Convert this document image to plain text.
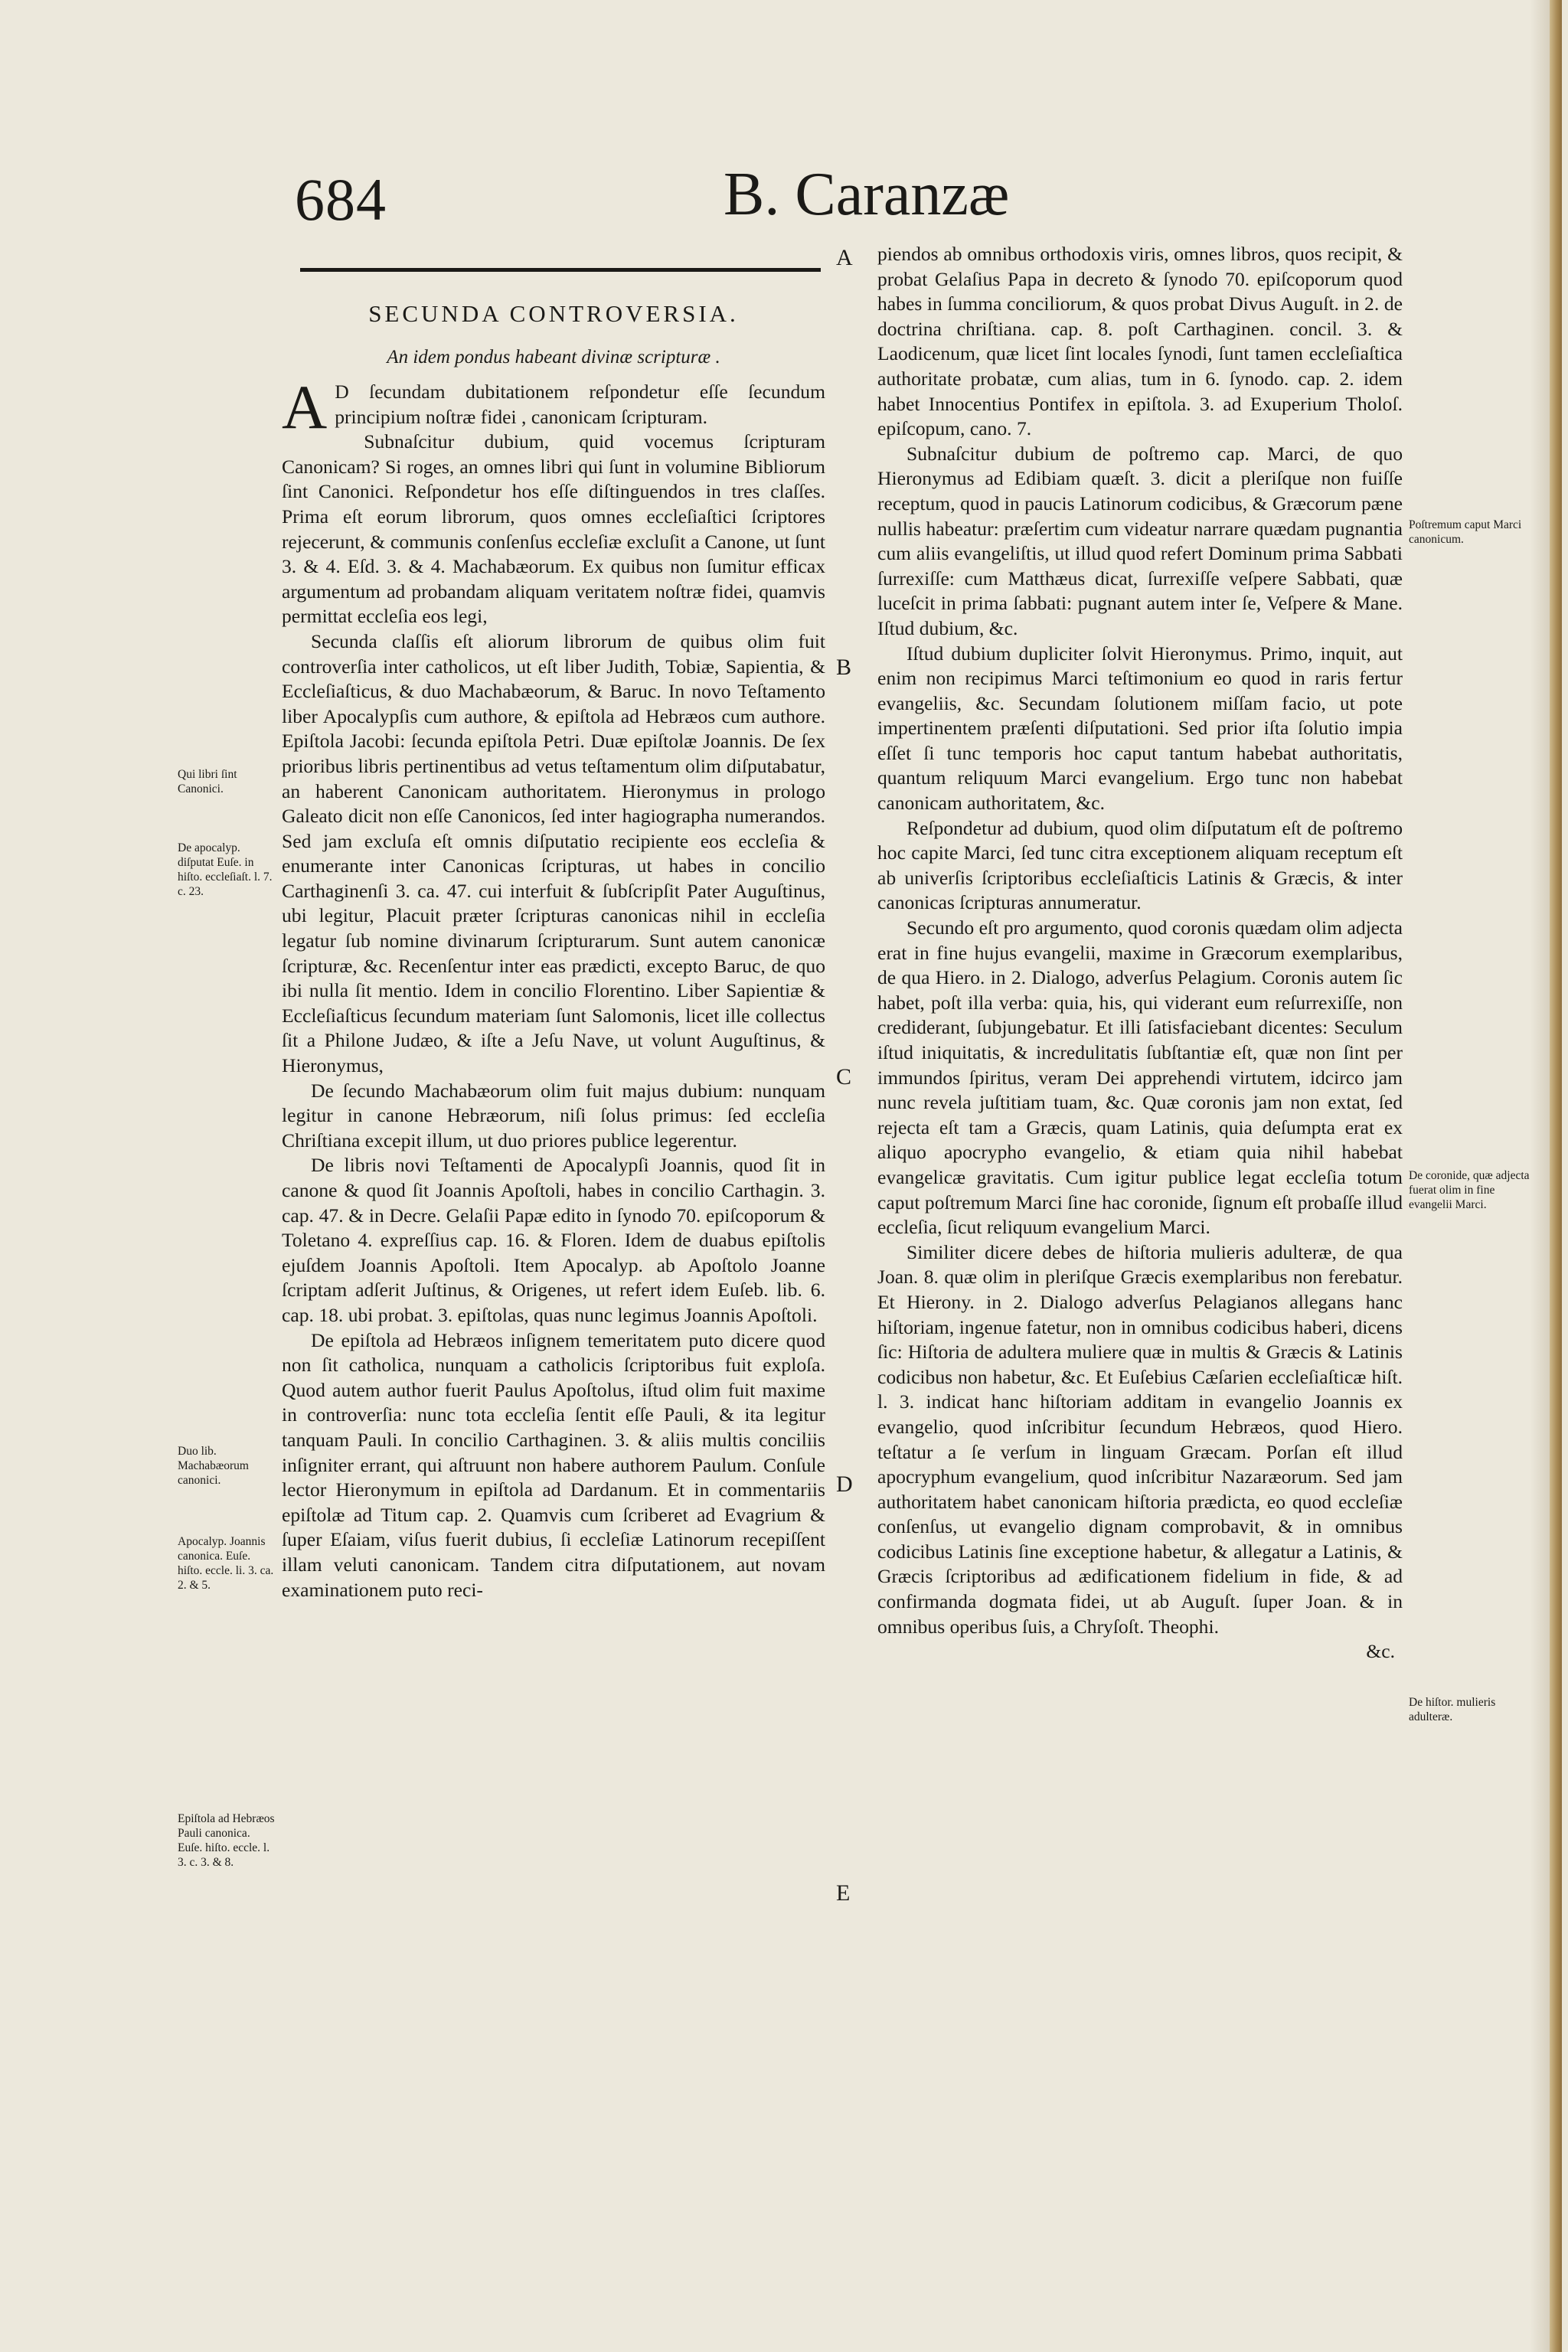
684	B. Caranzæ
SECUNDA CONTROVERSIA.
An idem pondus habeant divinæ scripturæ .

A D ſecundam dubitationem reſpondetur eſſe ſecundum principium noſtræ fidei , canonicam ſcripturam.

Subnaſcitur dubium, quid vocemus ſcripturam Canonicam? Si roges, an omnes libri qui ſunt in volumine Bibliorum ſint Canonici. Reſpondetur hos eſſe diſtinguendos in tres claſſes. Prima eſt eorum librorum, quos omnes eccleſiaſtici ſcriptores rejecerunt, & communis conſenſus eccleſiæ excluſit a Canone, ut ſunt 3. & 4. Eſd. 3. & 4. Machabæorum. Ex quibus non ſumitur efficax argumentum ad probandam aliquam veritatem noſtræ fidei, quamvis permittat eccleſia eos legi,

Secunda claſſis eſt aliorum librorum de quibus olim fuit controverſia inter catholicos, ut eſt liber Judith, Tobiæ, Sapientia, & Eccleſiaſticus, & duo Machabæorum, & Baruc. In novo Teſtamento liber Apocalypſis cum authore, & epiſtola ad Hebræos cum authore. Epiſtola Jacobi: ſecunda epiſtola Petri. Duæ epiſtolæ Joannis. De ſex prioribus libris pertinentibus ad vetus teſtamentum olim diſputabatur, an haberent Canonicam authoritatem. Hieronymus in prologo Galeato dicit non eſſe Canonicos, ſed inter hagiographa numerandos. Sed jam excluſa eſt omnis diſputatio recipiente eos eccleſia & enumerante inter Canonicas ſcripturas, ut habes in concilio Carthaginenſi 3. ca. 47. cui interfuit & ſubſcripſit Pater Auguſtinus, ubi legitur, Placuit præter ſcripturas canonicas nihil in eccleſia legatur ſub nomine divinarum ſcripturarum. Sunt autem canonicæ ſcripturæ, &c. Recenſentur inter eas prædicti, excepto Baruc, de quo ibi nulla ſit mentio. Idem in concilio Florentino. Liber Sapientiæ & Eccleſiaſticus ſecundum materiam ſunt Salomonis, licet ille collectus ſit a Philone Judæo, & iſte a Jeſu Nave, ut volunt Auguſtinus, & Hieronymus,

De ſecundo Machabæorum olim fuit majus dubium: nunquam legitur in canone Hebræorum, niſi ſolus primus: ſed eccleſia Chriſtiana excepit illum, ut duo priores publice legerentur.

De libris novi Teſtamenti de Apocalypſi Joannis, quod ſit in canone & quod ſit Joannis Apoſtoli, habes in concilio Carthagin. 3. cap. 47. & in Decre. Gelaſii Papæ edito in ſynodo 70. epiſcoporum & Toletano 4. expreſſius cap. 16. & Floren. Idem de duabus epiſtolis ejuſdem Joannis Apoſtoli. Item Apocalyp. ab Apoſtolo Joanne ſcriptam adſerit Juſtinus, & Origenes, ut refert idem Euſeb. lib. 6. cap. 18. ubi probat. 3. epiſtolas, quas nunc legimus Joannis Apoſtoli.

De epiſtola ad Hebræos inſignem temeritatem puto dicere quod non ſit catholica, nunquam a catholicis ſcriptoribus fuit exploſa. Quod autem author fuerit Paulus Apoſtolus, iſtud olim fuit maxime in controverſia: nunc tota eccleſia ſentit eſſe Pauli, & ita legitur tanquam Pauli. In concilio Carthaginen. 3. & aliis multis conciliis inſigniter errant, qui aſtruunt non habere authorem Paulum. Conſule lector Hieronymum in epiſtola ad Dardanum. Et in commentariis epiſtolæ ad Titum cap. 2. Quamvis cum ſcriberet ad Evagrium & ſuper Eſaiam, viſus fuerit dubius, ſi eccleſiæ Latinorum recepiſſent illam veluti canonicam. Tandem citra diſputationem, aut novam examinationem puto reci-

piendos ab omnibus orthodoxis viris, omnes libros, quos recipit, & probat Gelaſius Papa in decreto & ſynodo 70. epiſcoporum quod habes in ſumma conciliorum, & quos probat Divus Auguſt. in 2. de doctrina chriſtiana. cap. 8. poſt Carthaginen. concil. 3. & Laodicenum, quæ licet ſint locales ſynodi, ſunt tamen eccleſiaſtica authoritate probatæ, cum alias, tum in 6. ſynodo. cap. 2. idem habet Innocentius Pontifex in epiſtola. 3. ad Exuperium Tholoſ. epiſcopum, cano. 7.

Subnaſcitur dubium de poſtremo cap. Marci, de quo Hieronymus ad Edibiam quæſt. 3. dicit a pleriſque non fuiſſe receptum, quod in paucis Latinorum codicibus, & Græcorum pæne nullis habeatur: præſertim cum videatur narrare quædam pugnantia cum aliis evangeliſtis, ut illud quod refert Dominum prima Sabbati ſurrexiſſe: cum Matthæus dicat, ſurrexiſſe veſpere Sabbati, quæ luceſcit in prima ſabbati: pugnant autem inter ſe, Veſpere & Mane. Iſtud dubium, &c.

Iſtud dubium dupliciter ſolvit Hieronymus. Primo, inquit, aut enim non recipimus Marci teſtimonium eo quod in raris fertur evangeliis, &c. Secundam ſolutionem miſſam facio, ut pote impertinentem præſenti diſputationi. Sed prior iſta ſolutio impia eſſet ſi tunc temporis hoc caput tantum habebat authoritatis, quantum reliquum Marci evangelium. Ergo tunc non habebat canonicam authoritatem, &c.

Reſpondetur ad dubium, quod olim diſputatum eſt de poſtremo hoc capite Marci, ſed tunc citra exceptionem aliquam receptum eſt ab univerſis ſcriptoribus eccleſiaſticis Latinis & Græcis, & inter canonicas ſcripturas annumeratur.

Secundo eſt pro argumento, quod coronis quædam olim adjecta erat in fine hujus evangelii, maxime in Græcorum exemplaribus, de qua Hiero. in 2. Dialogo, adverſus Pelagium. Coronis autem ſic habet, poſt illa verba: quia, his, qui viderant eum reſurrexiſſe, non crediderant, ſubjungebatur. Et illi ſatisfaciebant dicentes: Seculum iſtud iniquitatis, & incredulitatis ſubſtantiæ eſt, quæ non ſint per immundos ſpiritus, veram Dei apprehendi virtutem, idcirco jam nunc revela juſtitiam tuam, &c. Quæ coronis jam non extat, ſed rejecta eſt tam a Græcis, quam Latinis, quia deſumpta erat ex aliquo apocrypho evangelio, & etiam quia nihil habebat evangelicæ gravitatis. Cum igitur publice legat eccleſia totum caput poſtremum Marci ſine hac coronide, ſignum eſt probaſſe illud eccleſia, ſicut reliquum evangelium Marci.

Similiter dicere debes de hiſtoria mulieris adulteræ, de qua Joan. 8. quæ olim in pleriſque Græcis exemplaribus non ferebatur. Et Hierony. in 2. Dialogo adverſus Pelagianos allegans hanc hiſtoriam, ingenue fatetur, non in omnibus codicibus haberi, dicens ſic: Hiſtoria de adultera muliere quæ in multis & Græcis & Latinis codicibus non habetur, &c. Et Euſebius Cæſarien eccleſiaſticæ hiſt. l. 3. indicat hanc hiſtoriam additam in evangelio Joannis ex evangelio, quod inſcribitur ſecundum Hebræos, quod Hiero. teſtatur a ſe verſum in linguam Græcam. Porſan eſt illud apocryphum evangelium, quod inſcribitur Nazaræorum. Sed jam authoritatem habet canonicam hiſtoria prædicta, eo quod eccleſiæ conſenſus, ut evangelio dignam comprobavit, & in omnibus codicibus Latinis ſine exceptione habetur, & allegatur a Latinis, & Græcis ſcriptoribus ad ædificationem fidelium in fide, & ad confirmanda dogmata fidei, ut ab Auguſt. ſuper Joan. & in omnibus operibus ſuis, a Chryſoſt. Theophi.

&c.
A
B
C
D
E
Qui libri ſint Canonici.
De apocalyp. diſputat Euſe. in hiſto. eccleſiaſt. l. 7. c. 23.
Duo lib. Machabæorum canonici.
Apocalyp. Joannis canonica. Euſe. hiſto. eccle. li. 3. ca. 2. & 5.
Epiſtola ad Hebræos Pauli canonica. Euſe. hiſto. eccle. l. 3. c. 3. & 8.
Poſtremum caput Marci canonicum.
De coronide, quæ adjecta fuerat olim in fine evangelii Marci.
De hiſtor. mulieris adulteræ.
